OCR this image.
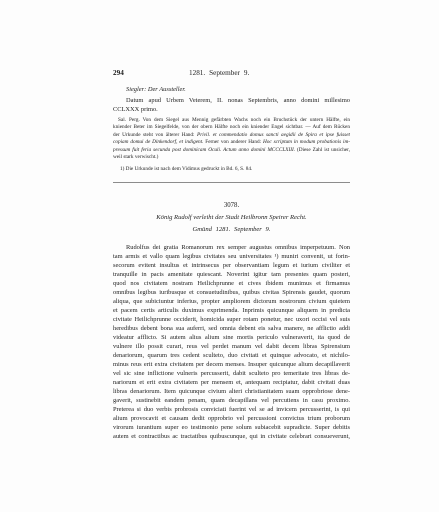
294	1281. September 9.
Siegler: Der Aussteller.
Datum apud Urbem Veterem, II. nonas Septembris, anno domini millesimo
CCLXXX primo.
Sal. Perg. Von dem Siegel aus Mennig gefärbten Wachs noch ein Bruchstück der untern Hälfte, ein
kniender Beter im Siegelfelde, von der obern Hälfte noch ein kniender Engel sichtbar. — Auf dem Rücken
der Urkunde steht von älterer Hand: Privil. et commendatio domus sancti aegidii de Spira et ipse fuisset
copiam domui de Dinkendorf, et indigent. Ferner von anderer Hand: Hoc scriptum in modum probationis im-
pressum fuit feria secunda post dominicam Oculi. Actum anno domini MCCCLXIII. (Diese Zahl ist unsicher,
weil stark verwischt.)
1) Die Urkunde ist nach dem Vidimus gedruckt in Bd. 6, S. 84.
3078.
König Rudolf verleiht der Stadt Heilbronn Speirer Recht.
Gmünd 1281. September 9.
Rudolfus dei gratia Romanorum rex semper augustus omnibus imperpetuum. Non
tam armis et vallo quam legibus civitates seu universitates ¹) muniri convenit, ut forin-
secorum evitent insultus et intrinsecus per observantiam legum et iurium civiliter et
tranquille in pacis amenitate quiescant. Noverint igitur tam presentes quam posteri,
quod nos civitatem nostram Heilichprunne et cives ibidem munimus et firmamus
omnibus legibus iuribusque et consuetudinibus, quibus civitas Spirensis gaudet, quorum
aliqua, que subiciuntur inferius, propter ampliorem dictorum nostrorum civium quietem
et pacem certis articulis duximus exprimenda. Inprimis quicunque aliquem in predicta
civitate Heilichprunne occiderit, homicida super rotam ponetur, nec uxori occisi vel suis
heredibus debent bona sua auferri, sed omnia debent eis salva manere, ne afflictio addi
videatur afflicto. Si autem alius alium sine mortis periculo vulneraverit, ita quod de
vulnere illo possit curari, reus vel perdet manum vel dabit decem libras Spirensium
denariorum, quarum tres cedent sculteto, duo civitati et quinque advocato, et nichilo-
minus reus erit extra civitatem per decem menses. Insuper quicunque alium decapillaverit
vel sic sine inflictione vulneris percusserit, dabit sculteto pro temeritate tres libras de-
nariorum et erit extra civitatem per mensem et, antequam recipiatur, dabit civitati duas
libras denariorum. Item quicunque civium alteri christianitatem suam opprobriose dene-
gaverit, sustinebit eandem penam, quam decapillans vel percutiens in casu proximo.
Preterea si duo verbis probrosis conviciati fuerint vel se ad invicem percusserint, is qui
alium provocavit et causam dedit opprobrio vel percussioni convictus trium proborum
virorum iurantium super eo testimonio pene solum subiacebit supradicte. Super debitis
autem et contractibus ac tractatibus quibuscunque, qui in civitate celebrari consueverunt,
